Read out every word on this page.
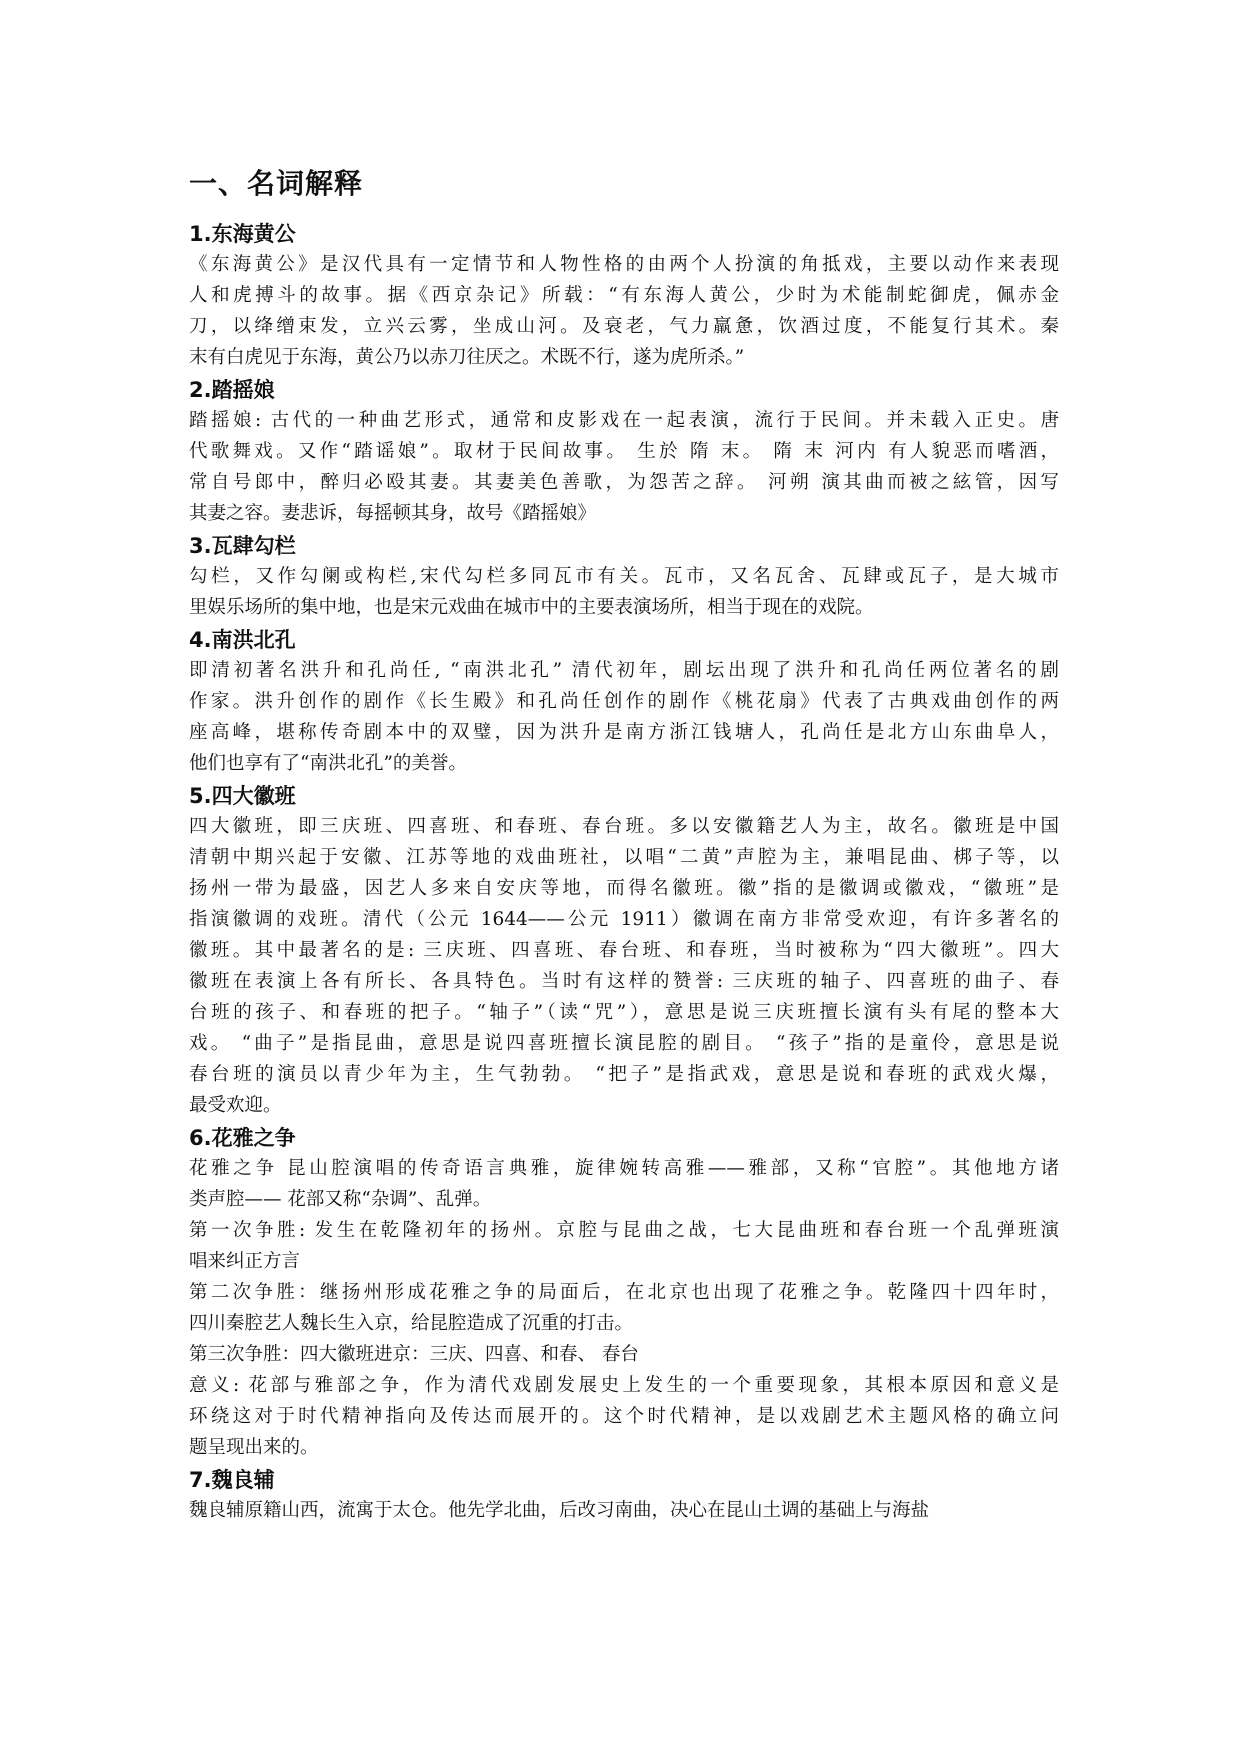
一、名词解释
1.东海黄公

《东海黄公》是汉代具有一定情节和人物性格的由两个人扮演的角抵戏，主要以动作来表现
人和虎搏斗的故事。据《西京杂记》所载：“有东海人黄公，少时为术能制蛇御虎，佩赤金
刀，以绛缯束发，立兴云雾，坐成山河。及衰老，气力羸惫，饮酒过度，不能复行其术。秦
末有白虎见于东海，黄公乃以赤刀往厌之。术既不行，遂为虎所杀。”

2.踏摇娘

踏摇娘: 古代的一种曲艺形式，通常和皮影戏在一起表演，流行于民间。并未载入正史。唐
代歌舞戏。又作“踏谣娘”。取材于民间故事。 生於 隋 末。 隋 末 河内 有人貌恶而嗜酒，
常自号郎中，醉归必殴其妻。其妻美色善歌，为怨苦之辞。 河朔 演其曲而被之絃管，因写
其妻之容。妻悲诉，每摇顿其身，故号《踏摇娘》

3.瓦肆勾栏

勾栏，又作勾阑或构栏,宋代勾栏多同瓦市有关。瓦市，又名瓦舍、瓦肆或瓦子，是大城市
里娱乐场所的集中地，也是宋元戏曲在城市中的主要表演场所，相当于现在的戏院。

4.南洪北孔

即清初著名洪升和孔尚任, “南洪北孔” 清代初年，剧坛出现了洪升和孔尚任两位著名的剧
作家。洪升创作的剧作《长生殿》和孔尚任创作的剧作《桃花扇》代表了古典戏曲创作的两
座高峰，堪称传奇剧本中的双璧，因为洪升是南方浙江钱塘人，孔尚任是北方山东曲阜人，
他们也享有了“南洪北孔”的美誉。

5.四大徽班

四大徽班，即三庆班、四喜班、和春班、春台班。多以安徽籍艺人为主，故名。徽班是中国
清朝中期兴起于安徽、江苏等地的戏曲班社，以唱“二黄”声腔为主，兼唱昆曲、梆子等，以
扬州一带为最盛，因艺人多来自安庆等地，而得名徽班。徽”指的是徽调或徽戏，“徽班”是
指演徽调的戏班。清代（公元 1644——公元 1911）徽调在南方非常受欢迎，有许多著名的
徽班。其中最著名的是: 三庆班、四喜班、春台班、和春班，当时被称为“四大徽班”。四大
徽班在表演上各有所长、各具特色。当时有这样的赞誉: 三庆班的轴子、四喜班的曲子、春
台班的孩子、和春班的把子。“轴子”（读“咒”），意思是说三庆班擅长演有头有尾的整本大
戏。 “曲子”是指昆曲，意思是说四喜班擅长演昆腔的剧目。 “孩子”指的是童伶，意思是说
春台班的演员以青少年为主，生气勃勃。 “把子”是指武戏，意思是说和春班的武戏火爆，
最受欢迎。

6.花雅之争

花雅之争 昆山腔演唱的传奇语言典雅，旋律婉转高雅——雅部，又称“官腔”。其他地方诸
类声腔—— 花部又称“杂调”、乱弹。

第一次争胜: 发生在乾隆初年的扬州。京腔与昆曲之战，七大昆曲班和春台班一个乱弹班演
唱来纠正方言

第二次争胜：继扬州形成花雅之争的局面后，在北京也出现了花雅之争。乾隆四十四年时，
四川秦腔艺人魏长生入京，给昆腔造成了沉重的打击。

第三次争胜：四大徽班进京：三庆、四喜、和春、 春台

意义: 花部与雅部之争，作为清代戏剧发展史上发生的一个重要现象，其根本原因和意义是
环绕这对于时代精神指向及传达而展开的。这个时代精神，是以戏剧艺术主题风格的确立问
题呈现出来的。

7.魏良辅

魏良辅原籍山西，流寓于太仓。他先学北曲，后改习南曲，决心在昆山土调的基础上与海盐
